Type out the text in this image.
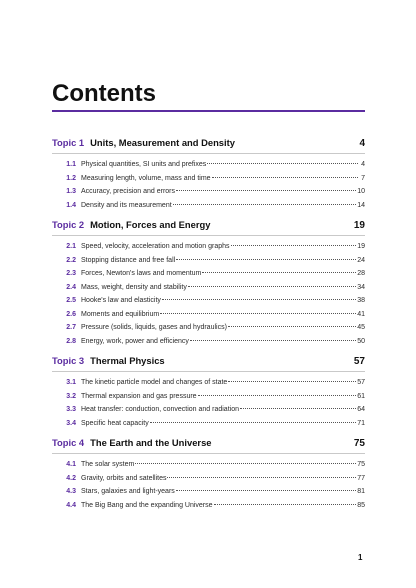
Contents
Topic 1 Units, Measurement and Density	4
1.1 Physical quantities, SI units and prefixes	4
1.2 Measuring length, volume, mass and time	7
1.3 Accuracy, precision and errors	10
1.4 Density and its measurement	14
Topic 2 Motion, Forces and Energy	19
2.1 Speed, velocity, acceleration and motion graphs	19
2.2 Stopping distance and free fall	24
2.3 Forces, Newton's laws and momentum	28
2.4 Mass, weight, density and stability	34
2.5 Hooke's law and elasticity	38
2.6 Moments and equilibrium	41
2.7 Pressure (solids, liquids, gases and hydraulics)	45
2.8 Energy, work, power and efficiency	50
Topic 3 Thermal Physics	57
3.1 The kinetic particle model and changes of state	57
3.2 Thermal expansion and gas pressure	61
3.3 Heat transfer: conduction, convection and radiation	64
3.4 Specific heat capacity	71
Topic 4 The Earth and the Universe	75
4.1 The solar system	75
4.2 Gravity, orbits and satellites	77
4.3 Stars, galaxies and light-years	81
4.4 The Big Bang and the expanding Universe	85
1
